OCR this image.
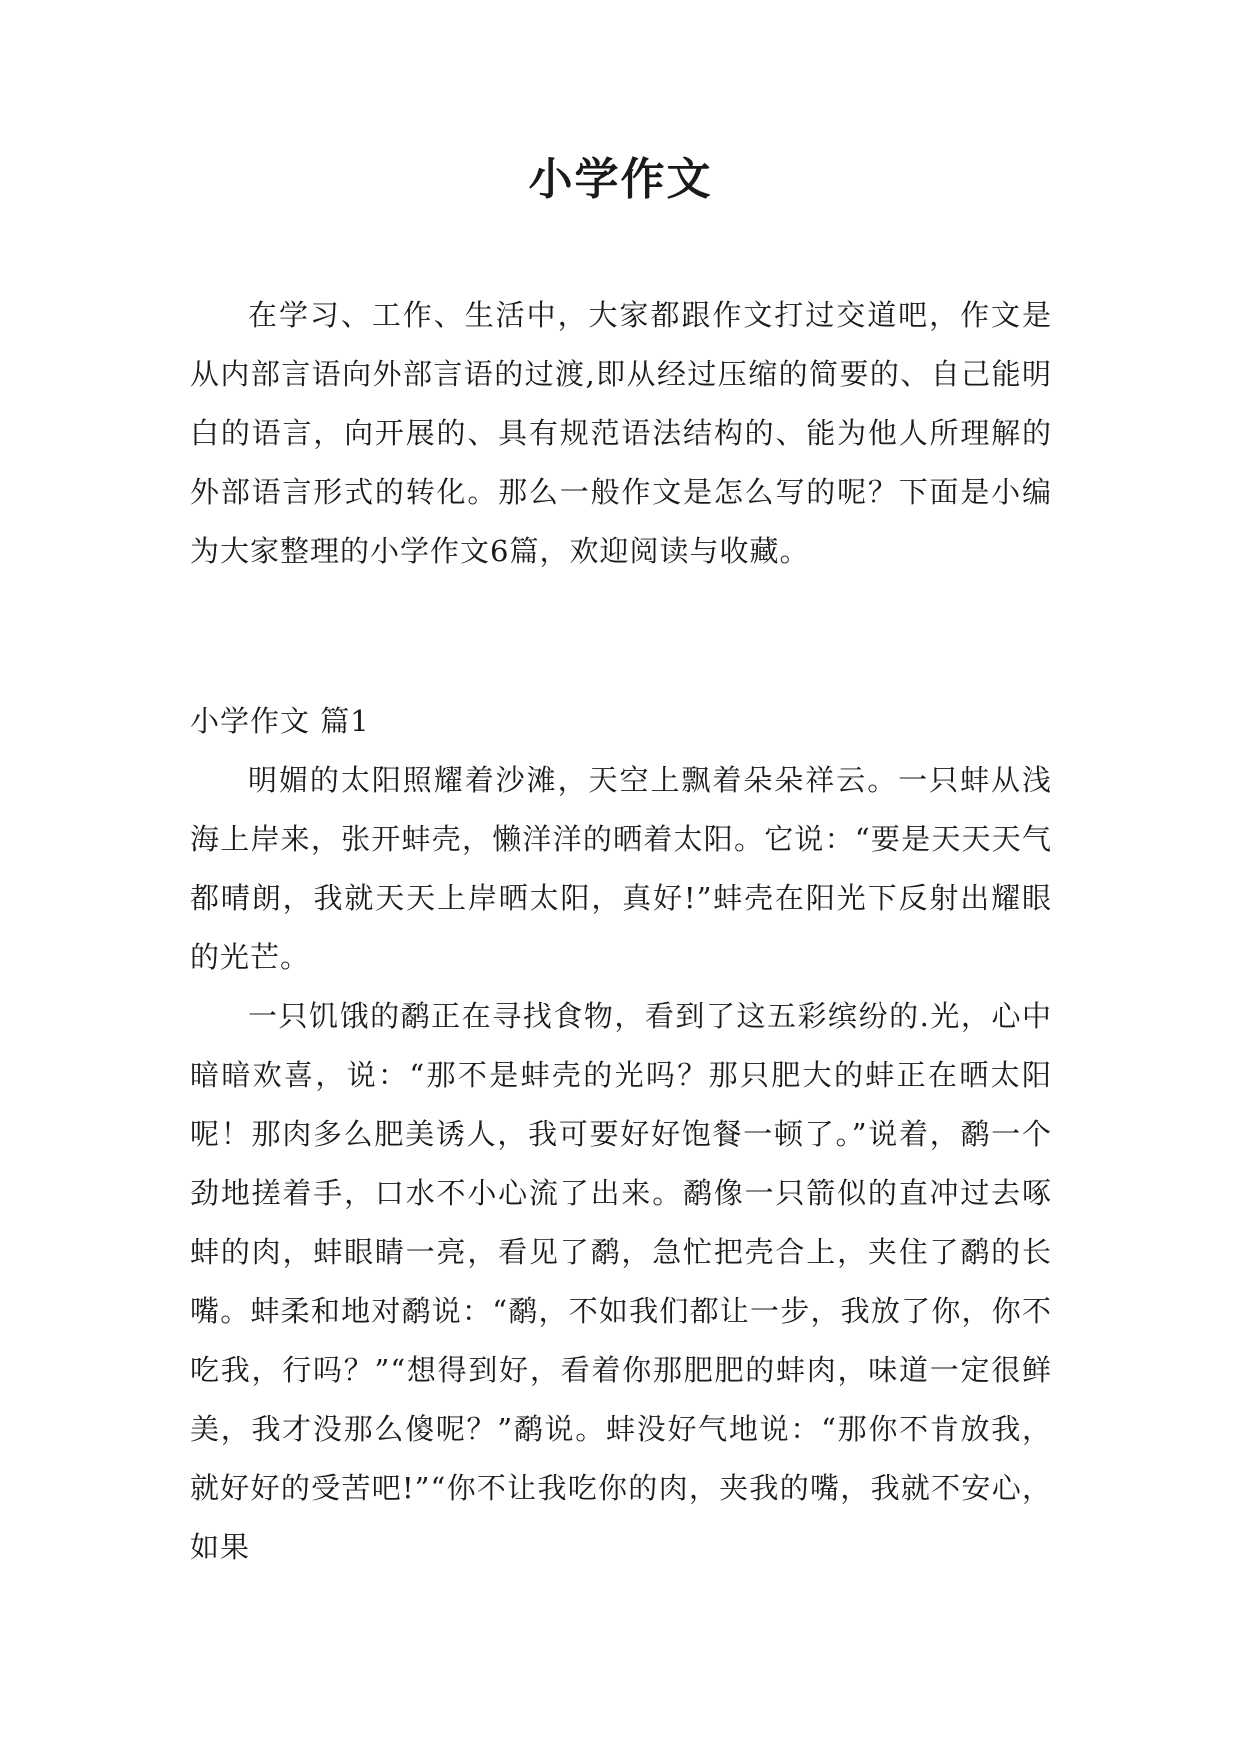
小学作文

在学习、工作、生活中，大家都跟作文打过交道吧，作文是从内部言语向外部言语的过渡,即从经过压缩的简要的、自己能明白的语言，向开展的、具有规范语法结构的、能为他人所理解的外部语言形式的转化。那么一般作文是怎么写的呢？下面是小编为大家整理的小学作文6篇，欢迎阅读与收藏。

小学作文 篇1

明媚的太阳照耀着沙滩，天空上飘着朵朵祥云。一只蚌从浅海上岸来，张开蚌壳，懒洋洋的晒着太阳。它说：“要是天天天气都晴朗，我就天天上岸晒太阳，真好!”蚌壳在阳光下反射出耀眼的光芒。

一只饥饿的鹬正在寻找食物，看到了这五彩缤纷的.光，心中暗暗欢喜，说：“那不是蚌壳的光吗？那只肥大的蚌正在晒太阳呢！那肉多么肥美诱人，我可要好好饱餐一顿了。”说着，鹬一个劲地搓着手，口水不小心流了出来。鹬像一只箭似的直冲过去啄蚌的肉，蚌眼睛一亮，看见了鹬，急忙把壳合上，夹住了鹬的长嘴。蚌柔和地对鹬说：“鹬，不如我们都让一步，我放了你，你不吃我，行吗？”“想得到好，看着你那肥肥的蚌肉，味道一定很鲜美，我才没那么傻呢？”鹬说。蚌没好气地说：“那你不肯放我，就好好的受苦吧!”“你不让我吃你的肉，夹我的嘴，我就不安心，如果
